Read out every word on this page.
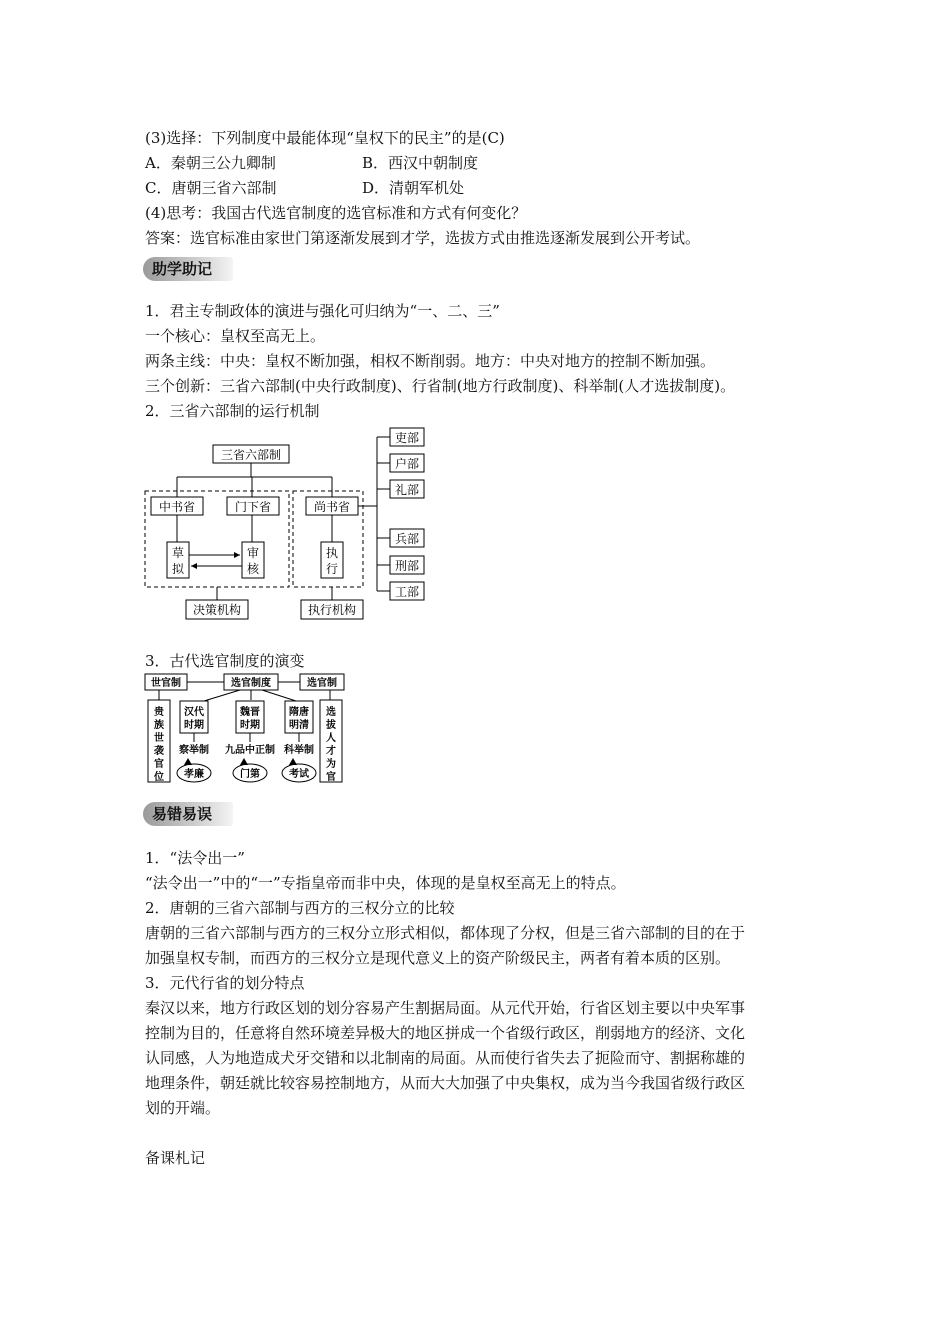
(3)选择：下列制度中最能体现“皇权下的民主”的是(C)
A．秦朝三公九卿制	B．西汉中朝制度
C．唐朝三省六部制	D．清朝军机处
(4)思考：我国古代选官制度的选官标准和方式有何变化？
答案：选官标准由家世门第逐渐发展到才学，选拔方式由推选逐渐发展到公开考试。
助学助记
1．君主专制政体的演进与强化可归纳为“一、二、三”
一个核心：皇权至高无上。
两条主线：中央：皇权不断加强，相权不断削弱。地方：中央对地方的控制不断加强。
三个创新：三省六部制(中央行政制度)、行省制(地方行政制度)、科举制(人才选拔制度)。
2．三省六部制的运行机制
三省六部制
中书省	门下省	尚书省
草
拟
审
核
执
行
决策机构	执行机构
吏部
户部
礼部
兵部
刑部
工部
3．古代选官制度的演变
世官制	选官制度	选官制
贵
族
世
袭
官
位
选
拔
人
才
为
官
汉代
时期
魏晋
时期
隋唐
明清
察举制 九品中正制 科举制
孝廉	门第	考试
易错易误
1．“法令出一”
“法令出一”中的“一”专指皇帝而非中央，体现的是皇权至高无上的特点。
2．唐朝的三省六部制与西方的三权分立的比较
唐朝的三省六部制与西方的三权分立形式相似，都体现了分权，但是三省六部制的目的在于
加强皇权专制，而西方的三权分立是现代意义上的资产阶级民主，两者有着本质的区别。
3．元代行省的划分特点
秦汉以来，地方行政区划的划分容易产生割据局面。从元代开始，行省区划主要以中央军事
控制为目的，任意将自然环境差异极大的地区拼成一个省级行政区，削弱地方的经济、文化
认同感，人为地造成犬牙交错和以北制南的局面。从而使行省失去了扼险而守、割据称雄的
地理条件，朝廷就比较容易控制地方，从而大大加强了中央集权，成为当今我国省级行政区
划的开端。
备课札记
